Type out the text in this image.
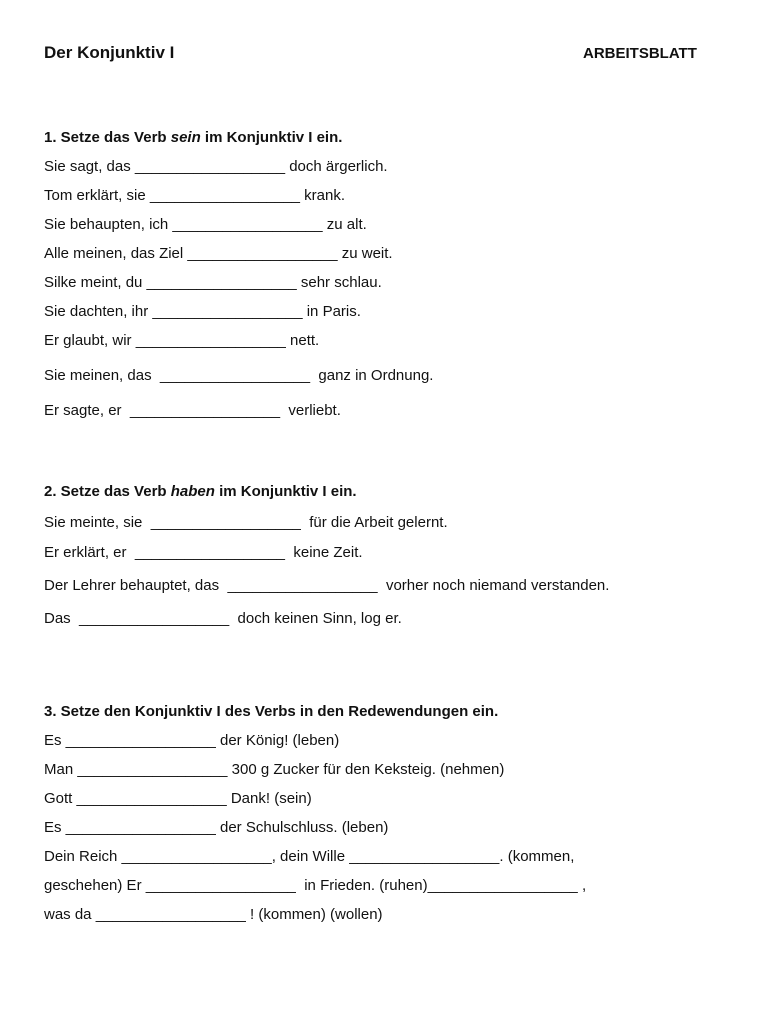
Der Konjunktiv I	ARBEITSBLATT
1. Setze das Verb sein im Konjunktiv I ein.
Sie sagt, das __________________ doch ärgerlich.
Tom erklärt, sie __________________ krank.
Sie behaupten, ich __________________ zu alt.
Alle meinen, das Ziel __________________ zu weit.
Silke meint, du __________________ sehr schlau.
Sie dachten, ihr __________________ in Paris.
Er glaubt, wir __________________ nett.
Sie meinen, das  __________________  ganz in Ordnung.
Er sagte, er  __________________  verliebt.
2. Setze das Verb haben im Konjunktiv I ein.
Sie meinte, sie  __________________  für die Arbeit gelernt.
Er erklärt, er  __________________  keine Zeit.
Der Lehrer behauptet, das  __________________  vorher noch niemand verstanden.
Das  __________________  doch keinen Sinn, log er.
3. Setze den Konjunktiv I des Verbs in den Redewendungen ein.
Es __________________ der König! (leben)
Man __________________ 300 g Zucker für den Keksteig. (nehmen)
Gott __________________ Dank! (sein)
Es __________________ der Schulschluss. (leben)
Dein Reich __________________, dein Wille __________________. (kommen,
geschehen) Er __________________  in Frieden. (ruhen)__________________ ,
was da __________________ ! (kommen) (wollen)
